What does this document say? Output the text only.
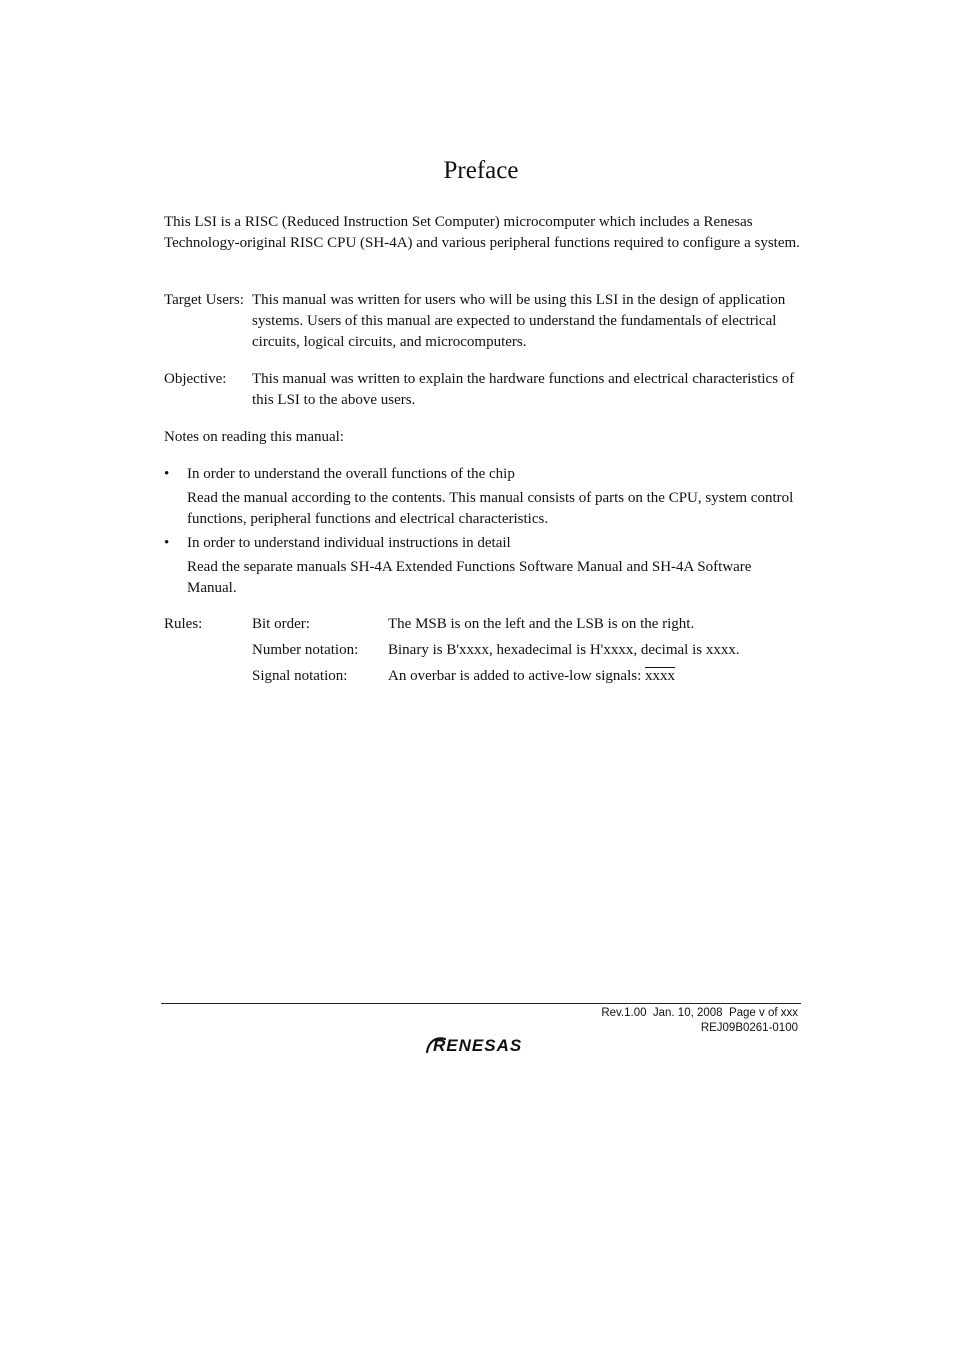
Preface

This LSI is a RISC (Reduced Instruction Set Computer) microcomputer which includes a Renesas Technology-original RISC CPU (SH-4A) and various peripheral functions required to configure a system.

Target Users: This manual was written for users who will be using this LSI in the design of application systems. Users of this manual are expected to understand the fundamentals of electrical circuits, logical circuits, and microcomputers.

Objective: This manual was written to explain the hardware functions and electrical characteristics of this LSI to the above users.

Notes on reading this manual:

• In order to understand the overall functions of the chip

Read the manual according to the contents. This manual consists of parts on the CPU, system control functions, peripheral functions and electrical characteristics.

• In order to understand individual instructions in detail

Read the separate manuals SH-4A Extended Functions Software Manual and SH-4A Software Manual.

Rules:	Bit order:	The MSB is on the left and the LSB is on the right.
Number notation: Binary is B'xxxx, hexadecimal is H'xxxx, decimal is xxxx.
Signal notation:	An overbar is added to active-low signals: xxxx
Rev.1.00  Jan. 10, 2008  Page v of xxx
REJ09B0261-0100
RENESAS
